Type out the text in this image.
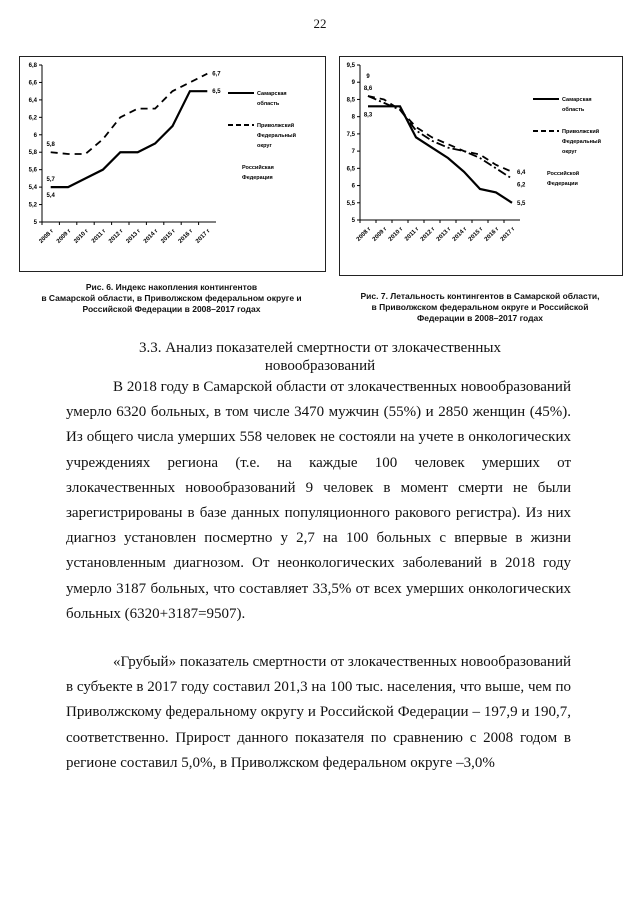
22
5
5,2
5,4
5,6
5,8
6
6,2
6,4
6,6
6,8
2008 г 2009 г 2010 г 2011 г 2012 г 2013 г 2014 г 2015 г 2016 г 2017 г
5,8
5,7
5,4
6,7
6,5	Самарская
область
Приволжский
Федеральный
округ
Российская
Федерация
Рис. 6. Индекс накопления контингентов
в Самарской области, в Приволжском федеральном округе и
Российской Федерации в 2008–2017 годах
5
5,5
6
6,5
7
7,5
8
8,5
9
9,5
2008 г 2009 г 2010 г 2011 г 2012 г 2013 г 2014 г 2015 г 2016 г 2017 г
9
8,6
8,3
6,4
6,2
5,5
Самарская
область
Приволжский
Федеральный
округ
Российской
Федерации
Рис. 7. Летальность контингентов в Самарской области,
в Приволжском федеральном округе и Российской
Федерации в 2008–2017 годах
3.3. Анализ показателей смертности от злокачественных
новообразований

В 2018 году в Самарской области от злокачественных новообразований умерло 6320 больных, в том числе 3470 мужчин (55%) и 2850 женщин (45%). Из общего числа умерших 558 человек не состояли на учете в онкологических учреждениях региона (т.е. на каждые 100 человек умерших от злокачественных новообразований 9 человек в момент смерти не были зарегистрированы в базе данных популяционного ракового регистра). Из них диагноз установлен посмертно у 2,7 на 100 больных с впервые в жизни установленным диагнозом. От неонкологических заболеваний в 2018 году умерло 3187 больных, что составляет 33,5% от всех умерших онкологических больных (6320+3187=9507).

«Грубый» показатель смертности от злокачественных новообразований в субъекте в 2017 году составил 201,3 на 100 тыс. населения, что выше, чем по Приволжскому федеральному округу и Российской Федерации – 197,9 и 190,7, соответственно. Прирост данного показателя по сравнению с 2008 годом в регионе составил 5,0%, в Приволжском федеральном округе –3,0%
